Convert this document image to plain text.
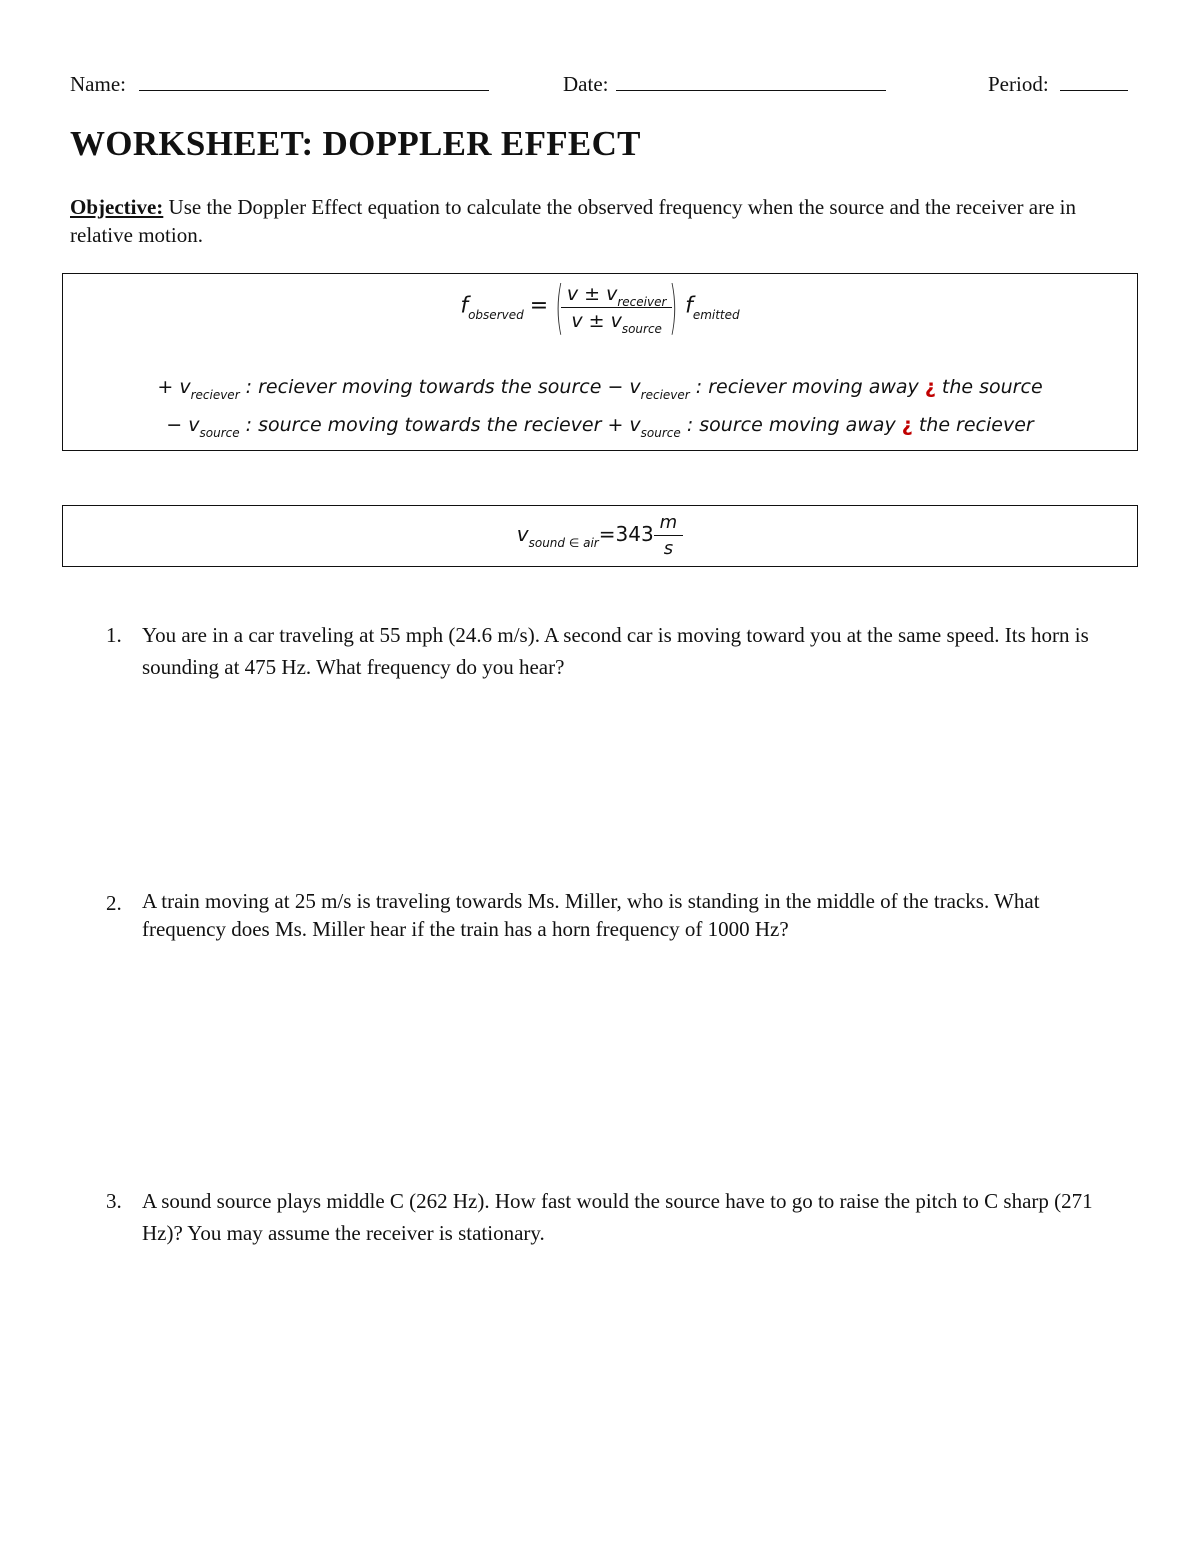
Name:	Date:	Period:
WORKSHEET: DOPPLER EFFECT
Objective: Use the Doppler Effect equation to calculate the observed frequency when the source and the receiver are in relative motion.
$f_{observed}$ = (
$\frac{v \pm v_{receiver}}{v \pm v_{source}}$
) $f_{emitted}$
+ $v_{reciever}$ : reciever moving towards the source − $v_{reciever}$ : reciever moving away ¿ the source
− $v_{source}$ : source moving towards the reciever + $v_{source}$ : source moving away ¿ the reciever
$v_{sound \in air}=343 \frac{m}{s}$
1. You are in a car traveling at 55 mph (24.6 m/s). A second car is moving toward you at the same speed. Its horn is sounding at 475 Hz. What frequency do you hear?
2. A train moving at 25 m/s is traveling towards Ms. Miller, who is standing in the middle of the tracks. What frequency does Ms. Miller hear if the train has a horn frequency of 1000 Hz?
3. A sound source plays middle C (262 Hz). How fast would the source have to go to raise the pitch to C sharp (271 Hz)? You may assume the receiver is stationary.
